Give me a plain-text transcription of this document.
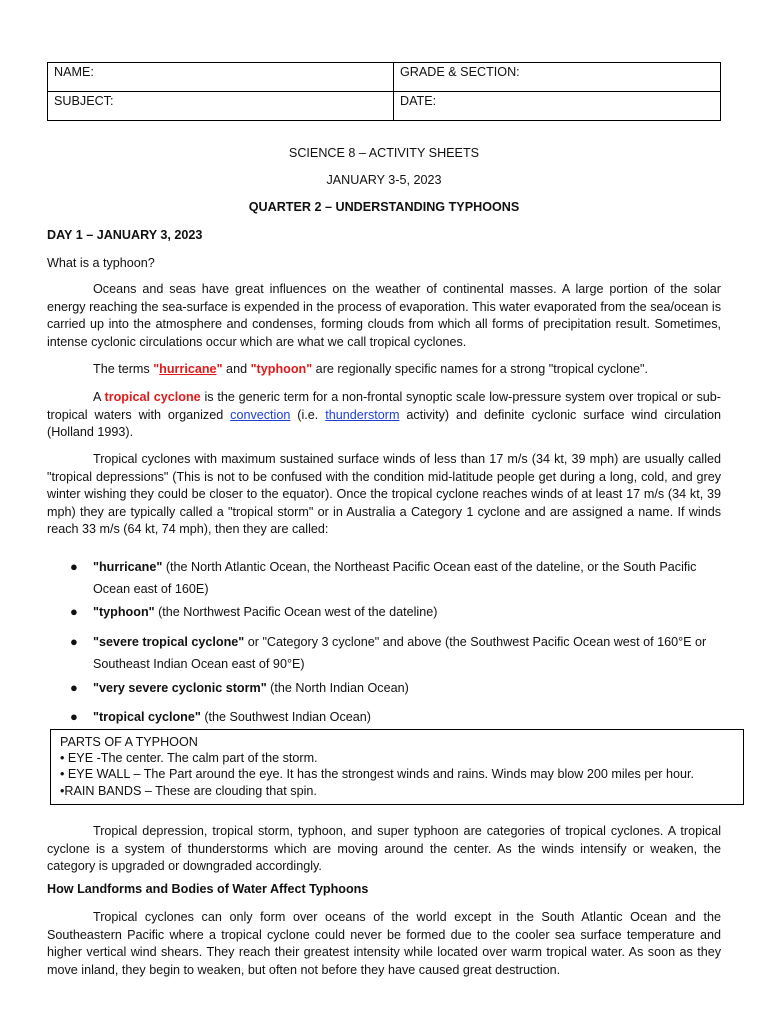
NAME:	GRADE & SECTION:
SUBJECT:	DATE:
SCIENCE 8 – ACTIVITY SHEETS
JANUARY 3-5, 2023
QUARTER 2 – UNDERSTANDING TYPHOONS
DAY 1 – JANUARY 3, 2023
What is a typhoon?
Oceans and seas have great influences on the weather of continental masses. A large portion of the solar energy reaching the sea-surface is expended in the process of evaporation. This water evaporated from the sea/ocean is carried up into the atmosphere and condenses, forming clouds from which all forms of precipitation result. Sometimes, intense cyclonic circulations occur which are what we call tropical cyclones.
The terms "hurricane" and "typhoon" are regionally specific names for a strong "tropical cyclone".
A tropical cyclone is the generic term for a non-frontal synoptic scale low-pressure system over tropical or sub-tropical waters with organized convection (i.e. thunderstorm activity) and definite cyclonic surface wind circulation (Holland 1993).
Tropical cyclones with maximum sustained surface winds of less than 17 m/s (34 kt, 39 mph) are usually called "tropical depressions" (This is not to be confused with the condition mid-latitude people get during a long, cold, and grey winter wishing they could be closer to the equator). Once the tropical cyclone reaches winds of at least 17 m/s (34 kt, 39 mph) they are typically called a "tropical storm" or in Australia a Category 1 cyclone and are assigned a name. If winds reach 33 m/s (64 kt, 74 mph), then they are called:
● "hurricane" (the North Atlantic Ocean, the Northeast Pacific Ocean east of the dateline, or the South Pacific Ocean east of 160E)
● "typhoon" (the Northwest Pacific Ocean west of the dateline)
● "severe tropical cyclone" or "Category 3 cyclone" and above (the Southwest Pacific Ocean west of 160°E or Southeast Indian Ocean east of 90°E)
● "very severe cyclonic storm" (the North Indian Ocean)
● "tropical cyclone" (the Southwest Indian Ocean)
PARTS OF A TYPHOON
• EYE -The center. The calm part of the storm.
• EYE WALL – The Part around the eye. It has the strongest winds and rains. Winds may blow 200 miles per hour.
•RAIN BANDS – These are clouding that spin.
Tropical depression, tropical storm, typhoon, and super typhoon are categories of tropical cyclones. A tropical cyclone is a system of thunderstorms which are moving around the center. As the winds intensify or weaken, the category is upgraded or downgraded accordingly.
How Landforms and Bodies of Water Affect Typhoons
Tropical cyclones can only form over oceans of the world except in the South Atlantic Ocean and the Southeastern Pacific where a tropical cyclone could never be formed due to the cooler sea surface temperature and higher vertical wind shears. They reach their greatest intensity while located over warm tropical water. As soon as they move inland, they begin to weaken, but often not before they have caused great destruction.
